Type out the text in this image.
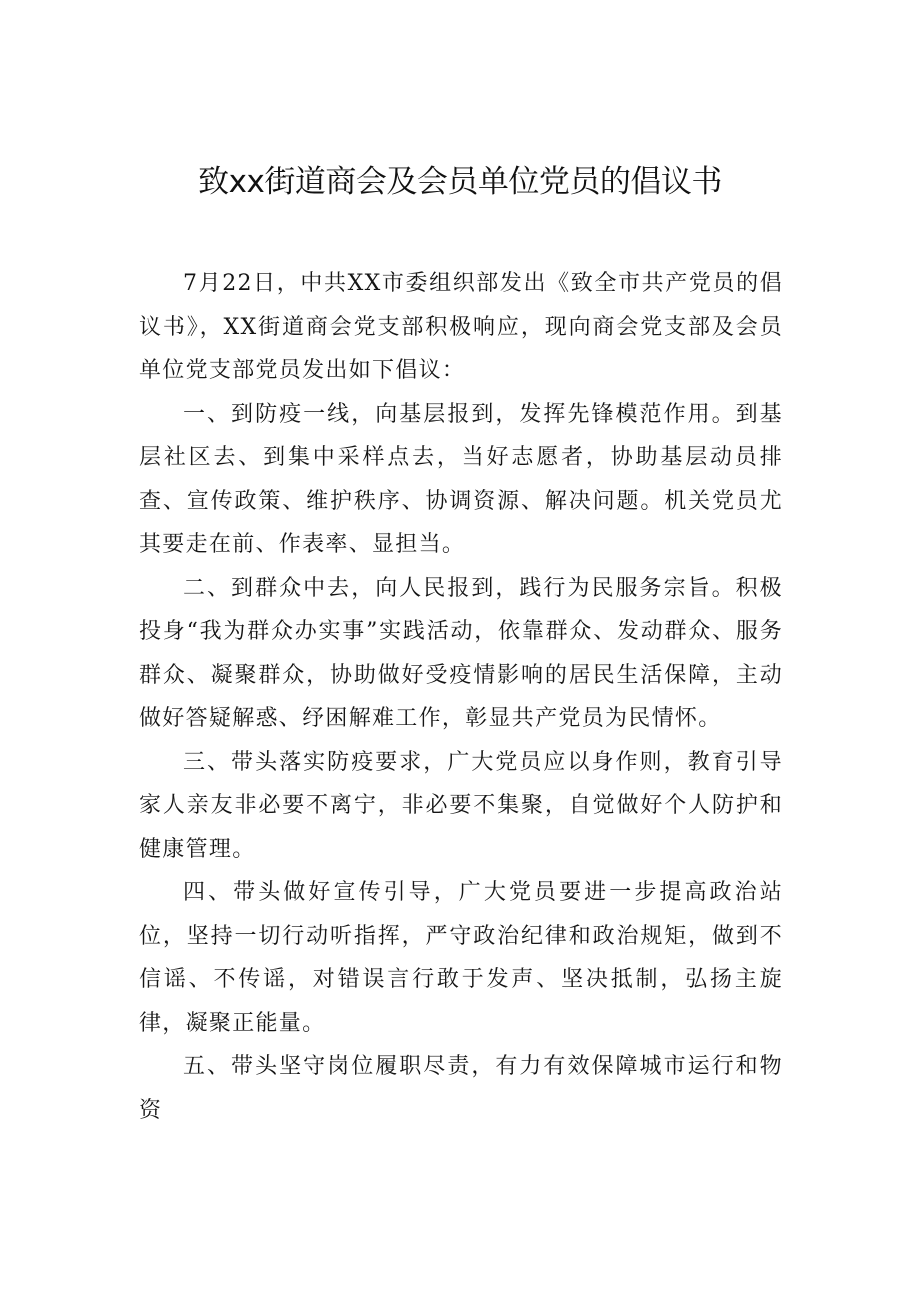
致xx街道商会及会员单位党员的倡议书

7月22日，中共XX市委组织部发出《致全市共产党员的倡议书》，XX街道商会党支部积极响应，现向商会党支部及会员单位党支部党员发出如下倡议：

一、到防疫一线，向基层报到，发挥先锋模范作用。到基层社区去、到集中采样点去，当好志愿者，协助基层动员排查、宣传政策、维护秩序、协调资源、解决问题。机关党员尤其要走在前、作表率、显担当。

二、到群众中去，向人民报到，践行为民服务宗旨。积极投身“我为群众办实事”实践活动，依靠群众、发动群众、服务群众、凝聚群众，协助做好受疫情影响的居民生活保障，主动做好答疑解惑、纾困解难工作，彰显共产党员为民情怀。

三、带头落实防疫要求，广大党员应以身作则，教育引导家人亲友非必要不离宁，非必要不集聚，自觉做好个人防护和健康管理。

四、带头做好宣传引导，广大党员要进一步提高政治站位，坚持一切行动听指挥，严守政治纪律和政治规矩，做到不信谣、不传谣，对错误言行敢于发声、坚决抵制，弘扬主旋律，凝聚正能量。

五、带头坚守岗位履职尽责，有力有效保障城市运行和物资
